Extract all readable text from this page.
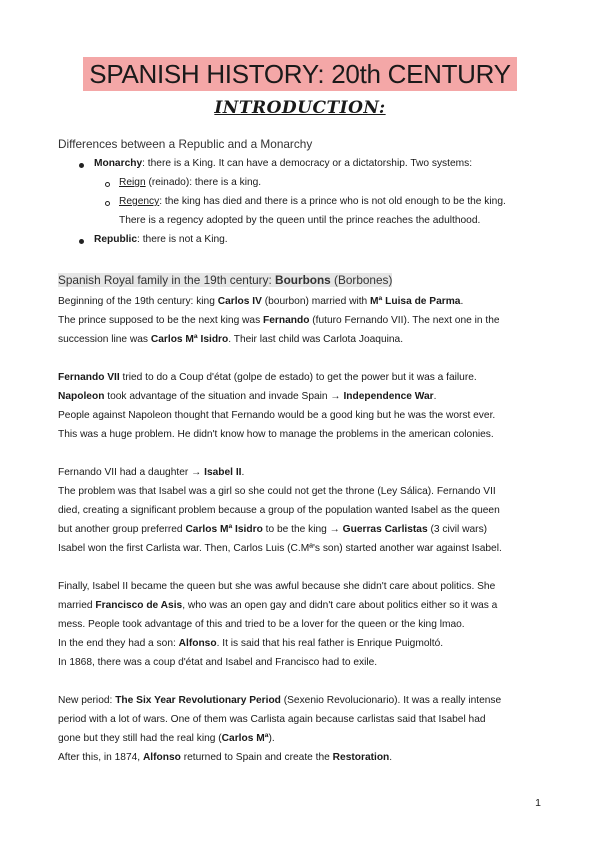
SPANISH HISTORY: 20th CENTURY
INTRODUCTION:
Differences between a Republic and a Monarchy
Monarchy: there is a King. It can have a democracy or a dictatorship. Two systems:
Reign (reinado): there is a king.
Regency: the king has died and there is a prince who is not old enough to be the king.
There is a regency adopted by the queen until the prince reaches the adulthood.
Republic: there is not a King.
Spanish Royal family in the 19th century: Bourbons (Borbones)

Beginning of the 19th century: king Carlos IV (bourbon) married with Mª Luisa de Parma.

The prince supposed to be the next king was Fernando (futuro Fernando VII). The next one in the

succession line was Carlos Mª Isidro. Their last child was Carlota Joaquina.

Fernando VII tried to do a Coup d'état (golpe de estado) to get the power but it was a failure.

Napoleon took advantage of the situation and invade Spain → Independence War.

People against Napoleon thought that Fernando would be a good king but he was the worst ever.

This was a huge problem. He didn't know how to manage the problems in the american colonies.

Fernando VII had a daughter → Isabel II.

The problem was that Isabel was a girl so she could not get the throne (Ley Sálica). Fernando VII

died, creating a significant problem because a group of the population wanted Isabel as the queen

but another group preferred Carlos Mª Isidro to be the king → Guerras Carlistas (3 civil wars)

Isabel won the first Carlista war. Then, Carlos Luis (C.Mª's son) started another war against Isabel.

Finally, Isabel II became the queen but she was awful because she didn't care about politics. She

married Francisco de Asis, who was an open gay and didn't care about politics either so it was a

mess. People took advantage of this and tried to be a lover for the queen or the king lmao.

In the end they had a son: Alfonso. It is said that his real father is Enrique Puigmoltó.

In 1868, there was a coup d'état and Isabel and Francisco had to exile.

New period: The Six Year Revolutionary Period (Sexenio Revolucionario). It was a really intense

period with a lot of wars. One of them was Carlista again because carlistas said that Isabel had

gone but they still had the real king (Carlos Mª).

After this, in 1874, Alfonso returned to Spain and create the Restoration.

1
